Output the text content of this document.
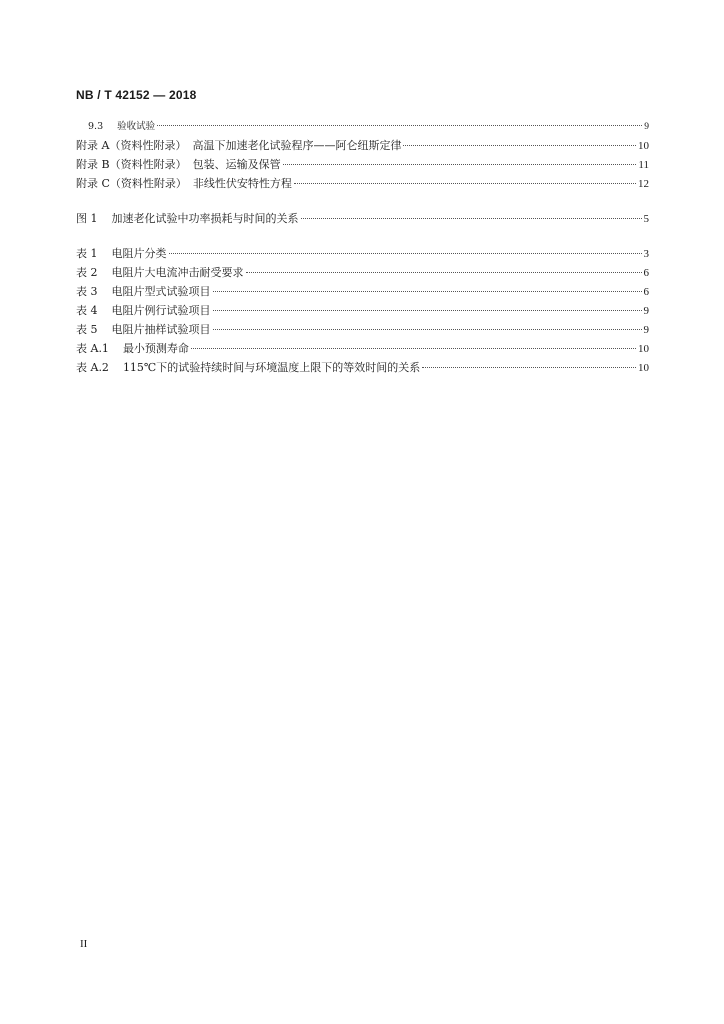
NB / T 42152 — 2018
9.3 验收试验	9
附录 A（资料性附录） 高温下加速老化试验程序——阿仑纽斯定律	10
附录 B（资料性附录） 包装、运输及保管	11
附录 C（资料性附录） 非线性伏安特性方程	12
图 1 加速老化试验中功率损耗与时间的关系	5
表 1 电阻片分类	3
表 2 电阻片大电流冲击耐受要求	6
表 3 电阻片型式试验项目	6
表 4 电阻片例行试验项目	9
表 5 电阻片抽样试验项目	9
表 A.1 最小预测寿命	10
表 A.2 115℃下的试验持续时间与环境温度上限下的等效时间的关系	10
II
